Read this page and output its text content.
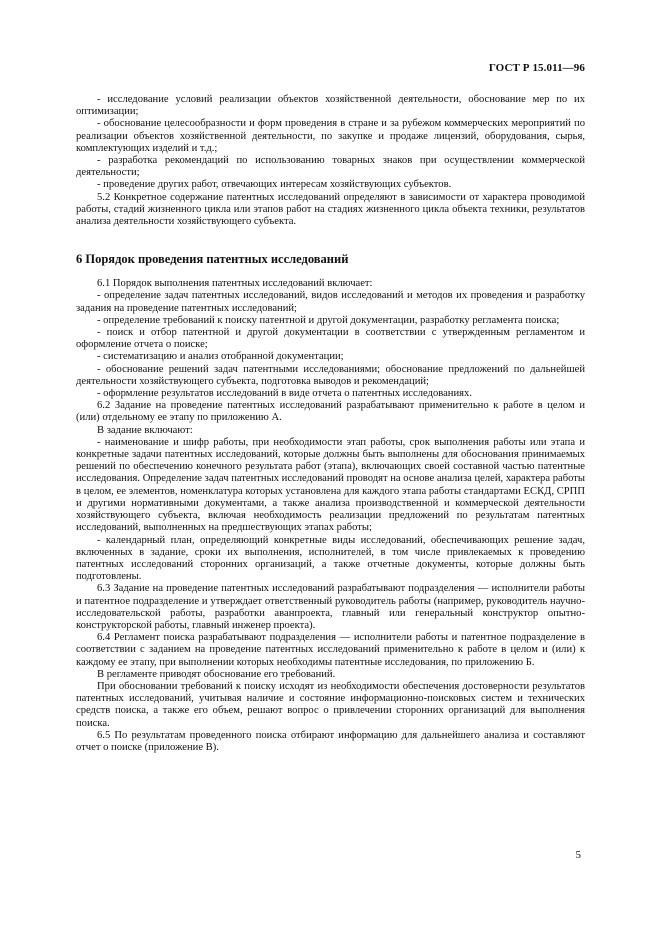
ГОСТ Р 15.011—96

- исследование условий реализации объектов хозяйственной деятельности, обоснование мер по их оптимизации;

- обоснование целесообразности и форм проведения в стране и за рубежом коммерческих мероприятий по реализации объектов хозяйственной деятельности, по закупке и продаже лицензий, оборудования, сырья, комплектующих изделий и т.д.;

- разработка рекомендаций по использованию товарных знаков при осуществлении коммерческой деятельности;

- проведение других работ, отвечающих интересам хозяйствующих субъектов.

5.2 Конкретное содержание патентных исследований определяют в зависимости от характера проводимой работы, стадий жизненного цикла или этапов работ на стадиях жизненного цикла объекта техники, результатов анализа деятельности хозяйствующего субъекта.

6 Порядок проведения патентных исследований

6.1 Порядок выполнения патентных исследований включает:

- определение задач патентных исследований, видов исследований и методов их проведения и разработку задания на проведение патентных исследований;

- определение требований к поиску патентной и другой документации, разработку регламента поиска;

- поиск и отбор патентной и другой документации в соответствии с утвержденным регламентом и оформление отчета о поиске;

- систематизацию и анализ отобранной документации;

- обоснование решений задач патентными исследованиями; обоснование предложений по дальнейшей деятельности хозяйствующего субъекта, подготовка выводов и рекомендаций;

- оформление результатов исследований в виде отчета о патентных исследованиях.

6.2 Задание на проведение патентных исследований разрабатывают применительно к работе в целом и (или) отдельному ее этапу по приложению А.

В задание включают:

- наименование и шифр работы, при необходимости этап работы, срок выполнения работы или этапа и конкретные задачи патентных исследований, которые должны быть выполнены для обоснования принимаемых решений по обеспечению конечного результата работ (этапа), включающих своей составной частью патентные исследования. Определение задач патентных исследований проводят на основе анализа целей, характера работы в целом, ее элементов, номенклатура которых установлена для каждого этапа работы стандартами ЕСКД, СРПП и другими нормативными документами, а также анализа производственной и коммерческой деятельности хозяйствующего субъекта, включая необходимость реализации предложений по результатам патентных исследований, выполненных на предшествующих этапах работы;

- календарный план, определяющий конкретные виды исследований, обеспечивающих решение задач, включенных в задание, сроки их выполнения, исполнителей, в том числе привлекаемых к проведению патентных исследований сторонних организаций, а также отчетные документы, которые должны быть подготовлены.

6.3 Задание на проведение патентных исследований разрабатывают подразделения — исполнители работы и патентное подразделение и утверждает ответственный руководитель работы (например, руководитель научно-исследовательской работы, разработки аванпроекта, главный или генеральный конструктор опытно-конструкторской работы, главный инженер проекта).

6.4 Регламент поиска разрабатывают подразделения — исполнители работы и патентное подразделение в соответствии с заданием на проведение патентных исследований применительно к работе в целом и (или) к каждому ее этапу, при выполнении которых необходимы патентные исследования, по приложению Б.

В регламенте приводят обоснование его требований.

При обосновании требований к поиску исходят из необходимости обеспечения достоверности результатов патентных исследований, учитывая наличие и состояние информационно-поисковых систем и технических средств поиска, а также его объем, решают вопрос о привлечении сторонних организаций для выполнения поиска.

6.5 По результатам проведенного поиска отбирают информацию для дальнейшего анализа и составляют отчет о поиске (приложение В).

5
